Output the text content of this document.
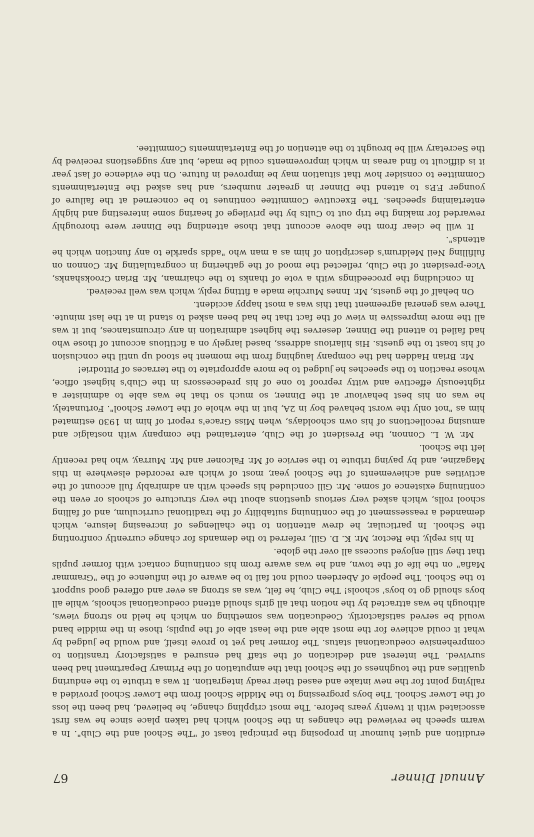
Annual Dinner
67

erudition and quiet humour in proposing the principal toast of "The School and the Club". In a warm speech he reviewed the changes in the School which had taken place since he was first associated with it twenty years before. The most crippling change, he believed, had been the loss of the Lower School. The boys progressing to the Middle School from the Lower School provided a rallying point for the new intake and eased their ready integration. It was a tribute to the enduring qualities and the toughness of the School that the amputation of the Primary Department had been survived. The interest and dedication of the staff had ensured a satisfactory transition to comprehensive coeducational status. The former had yet to prove itself, and would be judged by what it could achieve for the most able and the least able of the pupils; those in the middle band would be served satisfactorily. Coeducation was something on which he held no strong views, although he was attracted by the notion that all girls should attend coeducational schools, while all boys should go to boys' schools! The Club, he felt, was as strong as ever and offered good support to the School. The people of Aberdeen could not fail to be aware of the influence of the "Grammar Mafia" on the life of the town, and he was aware from his continuing contact with former pupils that they still enjoyed success all over the globe.

In his reply, the Rector, Mr. K. D. Gill, referred to the demands for change currently confronting the School. In particular, he drew attention to the challenges of increasing leisure, which demanded a reassessment of the continuing suitability of the traditional curriculum, and of falling school rolls, which asked very serious questions about the very structure of schools or even the continuing existence of some. Mr. Gill concluded his speech with an admirably full account of the activities and achievements of the School year, most of which are recorded elsewhere in this Magazine, and by paying tribute to the service of Mr. Falconer and Mr. Murray, who had recently left the School.

Mr. W. L. Connon, the President of the Club, entertained the company with nostalgic and amusing recollections of his own schooldays, when Miss Grace's report of him in 1930 estimated him as "not only the worst behaved boy in 2A, but in the whole of the Lower School". Fortunately, he was on his best behaviour at the Dinner, so much so that he was able to administer a righteously effective and witty reproof to one of his predecessors in the Club's highest office, whose reaction to the speeches he judged to be more appropriate to the terraces of Pittodrie!

Mr. Brian Hadden had the company laughing from the moment he stood up until the conclusion of his toast to the guests. His hilarious address, based largely on a fictitious account of those who had failed to attend the Dinner, deserves the highest admiration in any circumstances, but it was all the more impressive in view of the fact that he had been asked to stand in at the last minute. There was general agreement that this was a most happy accident.

On behalf of the guests, Mr. Innes Murchie made a fitting reply, which was well received.

In concluding the proceedings with a vote of thanks to the chairman, Mr. Brian Crookshanks, Vice-president of the Club, reflected the mood of the gathering in congratulating Mr. Connon on fulfilling Neil Meldrum's description of him as a man who "adds sparkle to any function which he attends".

It will be clear from the above account that those attending the Dinner were thoroughly rewarded for making the trip out to Cults by the privilege of hearing some interesting and highly entertaining speeches. The Executive Committee continues to be concerned at the failure of younger F.P.s to attend the Dinner in greater numbers, and has asked the Entertainments Committee to consider how that situation may be improved in future. On the evidence of last year it is difficult to find areas in which improvements could be made, but any suggestions received by the Secretary will be brought to the attention of the Entertainments Committee.
